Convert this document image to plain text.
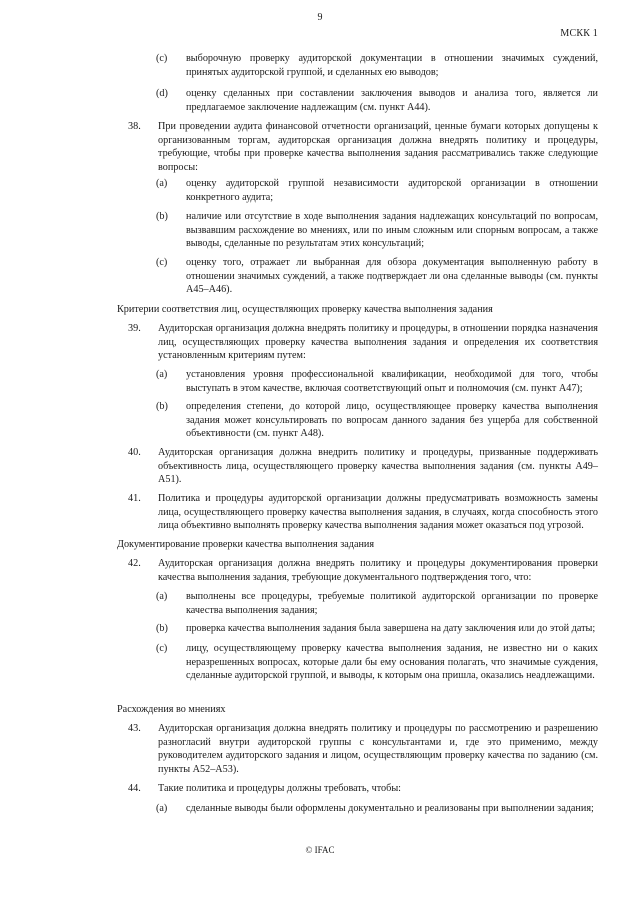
9
МСКК 1
(c) выборочную проверку аудиторской документации в отношении значимых суждений, принятых аудиторской группой, и сделанных ею выводов;
(d) оценку сделанных при составлении заключения выводов и анализа того, является ли предлагаемое заключение надлежащим (см. пункт А44).
38. При проведении аудита финансовой отчетности организаций, ценные бумаги которых допущены к организованным торгам, аудиторская организация должна внедрять политику и процедуры, требующие, чтобы при проверке качества выполнения задания рассматривались также следующие вопросы:
(a) оценку аудиторской группой независимости аудиторской организации в отношении конкретного аудита;
(b) наличие или отсутствие в ходе выполнения задания надлежащих консультаций по вопросам, вызвавшим расхождение во мнениях, или по иным сложным или спорным вопросам, а также выводы, сделанные по результатам этих консультаций;
(c) оценку того, отражает ли выбранная для обзора документация выполненную работу в отношении значимых суждений, а также подтверждает ли она сделанные выводы (см. пункты А45–А46).
Критерии соответствия лиц, осуществляющих проверку качества выполнения задания
39. Аудиторская организация должна внедрять политику и процедуры, в отношении порядка назначения лиц, осуществляющих проверку качества выполнения задания и определения их соответствия установленным критериям путем:
(a) установления уровня профессиональной квалификации, необходимой для того, чтобы выступать в этом качестве, включая соответствующий опыт и полномочия (см. пункт А47);
(b) определения степени, до которой лицо, осуществляющее проверку качества выполнения задания может консультировать по вопросам данного задания без ущерба для собственной объективности (см. пункт А48).
40. Аудиторская организация должна внедрить политику и процедуры, призванные поддерживать объективность лица, осуществляющего проверку качества выполнения задания (см. пункты А49–А51).
41. Политика и процедуры аудиторской организации должны предусматривать возможность замены лица, осуществляющего проверку качества выполнения задания, в случаях, когда способность этого лица объективно выполнять проверку качества выполнения задания может оказаться под угрозой.
Документирование проверки качества выполнения задания
42. Аудиторская организация должна внедрять политику и процедуры документирования проверки качества выполнения задания, требующие документального подтверждения того, что:
(a) выполнены все процедуры, требуемые политикой аудиторской организации по проверке качества выполнения задания;
(b) проверка качества выполнения задания была завершена на дату заключения или до этой даты;
(c) лицу, осуществляющему проверку качества выполнения задания, не известно ни о каких неразрешенных вопросах, которые дали бы ему основания полагать, что значимые суждения, сделанные аудиторской группой, и выводы, к которым она пришла, оказались неадлежащими.
Расхождения во мнениях
43. Аудиторская организация должна внедрять политику и процедуры по рассмотрению и разрешению разногласий внутри аудиторской группы с консультантами и, где это применимо, между руководителем аудиторского задания и лицом, осуществляющим проверку качества по заданию (см. пункты А52–А53).
44. Такие политика и процедуры должны требовать, чтобы:
(a) сделанные выводы были оформлены документально и реализованы при выполнении задания;
© IFAC
